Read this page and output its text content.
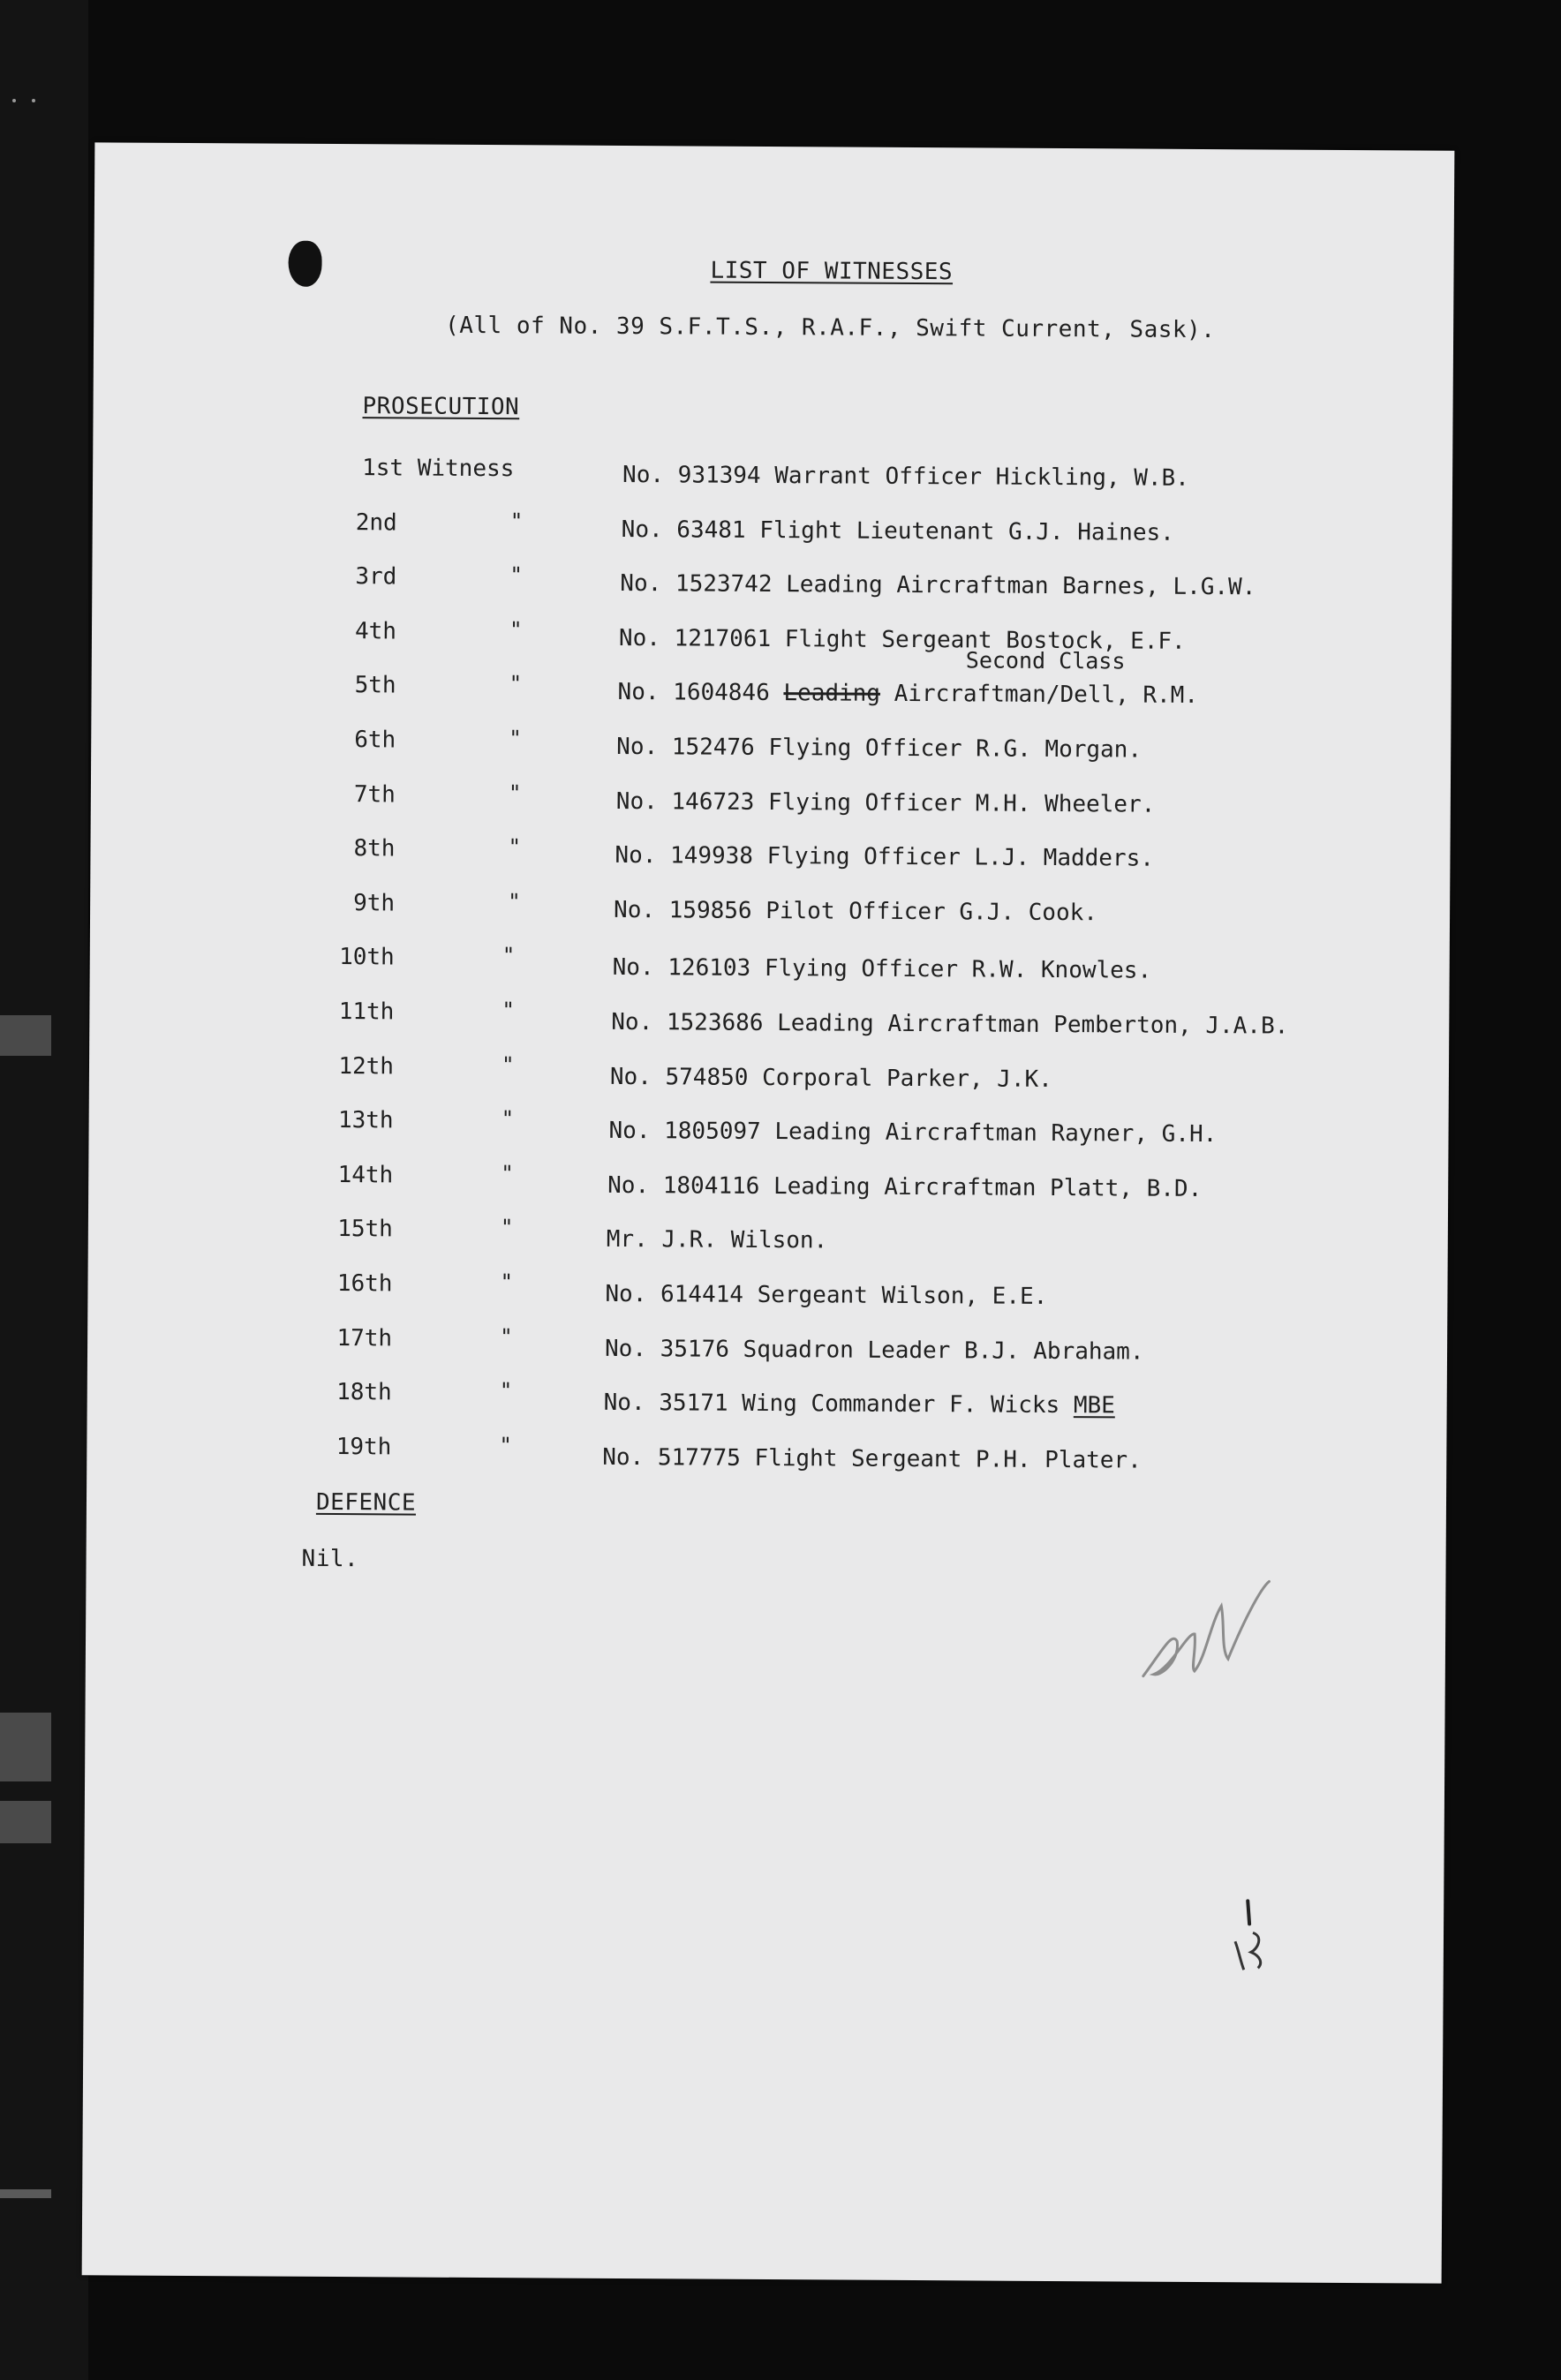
LIST OF WITNESSES
(All of No. 39 S.F.T.S., R.A.F., Swift Current, Sask).
PROSECUTION
1st Witness	No. 931394 Warrant Officer Hickling, W.B.
2nd	"	No. 63481 Flight Lieutenant G.J. Haines.
3rd	"	No. 1523742 Leading Aircraftman Barnes, L.G.W.
4th	"	No. 1217061 Flight Sergeant Bostock, E.F.
5th	"	No. 1604846 Leading Aircraftman/Dell, R.M.
6th	"	No. 152476 Flying Officer R.G. Morgan.
7th	"	No. 146723 Flying Officer M.H. Wheeler.
8th	"	No. 149938 Flying Officer L.J. Madders.
9th	"	No. 159856 Pilot Officer G.J. Cook.
10th	"	No. 126103 Flying Officer R.W. Knowles.
11th	"	No. 1523686 Leading Aircraftman Pemberton, J.A.B.
12th	"	No. 574850 Corporal Parker, J.K.
13th	"	No. 1805097 Leading Aircraftman Rayner, G.H.
14th	"	No. 1804116 Leading Aircraftman Platt, B.D.
15th	"	Mr. J.R. Wilson.
16th	"	No. 614414 Sergeant Wilson, E.E.
17th	"	No. 35176 Squadron Leader B.J. Abraham.
18th	"	No. 35171 Wing Commander F. Wicks MBE
19th	"	No. 517775 Flight Sergeant P.H. Plater.
Second Class
DEFENCE
Nil.
